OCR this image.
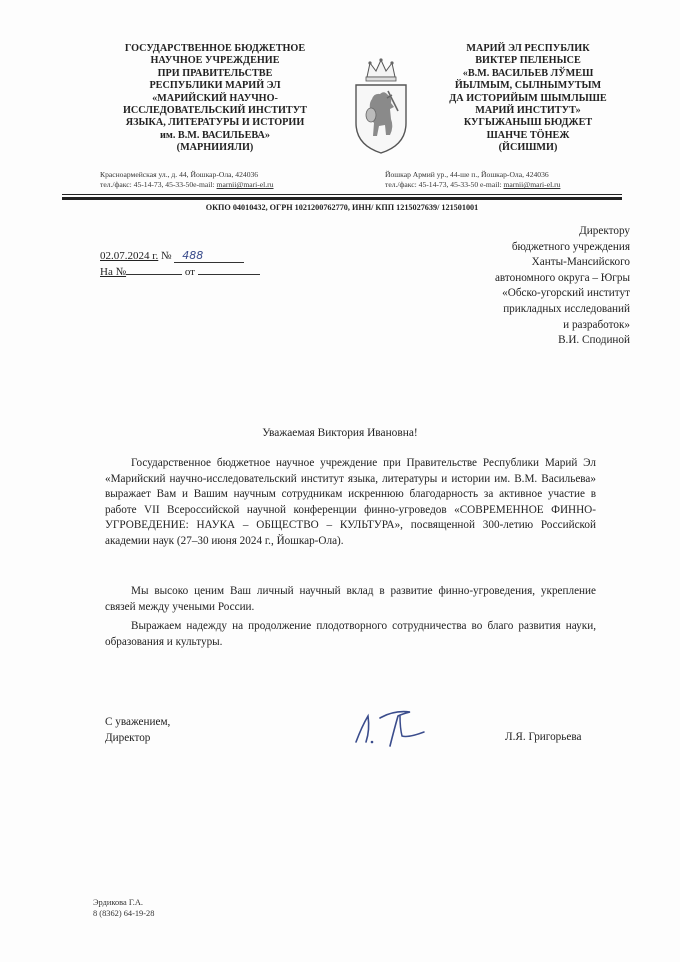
ГОСУДАРСТВЕННОЕ БЮДЖЕТНОЕ
НАУЧНОЕ УЧРЕЖДЕНИЕ
ПРИ ПРАВИТЕЛЬСТВЕ
РЕСПУБЛИКИ МАРИЙ ЭЛ
«МАРИЙСКИЙ НАУЧНО-
ИССЛЕДОВАТЕЛЬСКИЙ ИНСТИТУТ
ЯЗЫКА, ЛИТЕРАТУРЫ И ИСТОРИИ
им. В.М. ВАСИЛЬЕВА»
(МАРНИИЯЛИ)
МАРИЙ ЭЛ РЕСПУБЛИК
ВИКТЕР ПЕЛЕНЫСЕ
«В.М. ВАСИЛЬЕВ ЛЎМЕШ
ЙЫЛМЫМ, СЫЛНЫМУТЫМ
ДА ИСТОРИЙЫМ ШЫМЛЫШЕ
МАРИЙ ИНСТИТУТ»
КУГЫЖАНЫШ БЮДЖЕТ
ШАНЧЕ ТӦНЕЖ
(ЙСИШМИ)
Красноармейская ул., д. 44, Йошкар-Ола, 424036
тел./факс: 45-14-73, 45-33-50e-mail: marnii@mari-el.ru
Йошкар Армий ур., 44-ше п., Йошкар-Ола, 424036
тел./факс: 45-14-73, 45-33-50 e-mail: marnii@mari-el.ru
ОКПО 04010432, ОГРН 1021200762770, ИНН/ КПП 1215027639/ 121501001
02.07.2024 г. № 488
На №	от
Директору
бюджетного учреждения
Ханты-Мансийского
автономного округа – Югры
«Обско-угорский институт
прикладных исследований
и разработок»
В.И. Сподиной
Уважаемая Виктория Ивановна!

Государственное бюджетное научное учреждение при Правительстве Республики Марий Эл «Марийский научно-исследовательский институт языка, литературы и истории им. В.М. Васильева» выражает Вам и Вашим научным сотрудникам искреннюю благодарность за активное участие в работе VII Всероссийской научной конференции финно-угроведов «СОВРЕМЕННОЕ ФИННО-УГРОВЕДЕНИЕ: НАУКА – ОБЩЕСТВО – КУЛЬТУРА», посвященной 300-летию Российской академии наук (27–30 июня 2024 г., Йошкар-Ола).

Мы высоко ценим Ваш личный научный вклад в развитие финно-угроведения, укрепление связей между учеными России.

Выражаем надежду на продолжение плодотворного сотрудничества во благо развития науки, образования и культуры.

С уважением,
Директор	Л.Я. Григорьева
Эрдикова Г.А.
8 (8362) 64-19-28
